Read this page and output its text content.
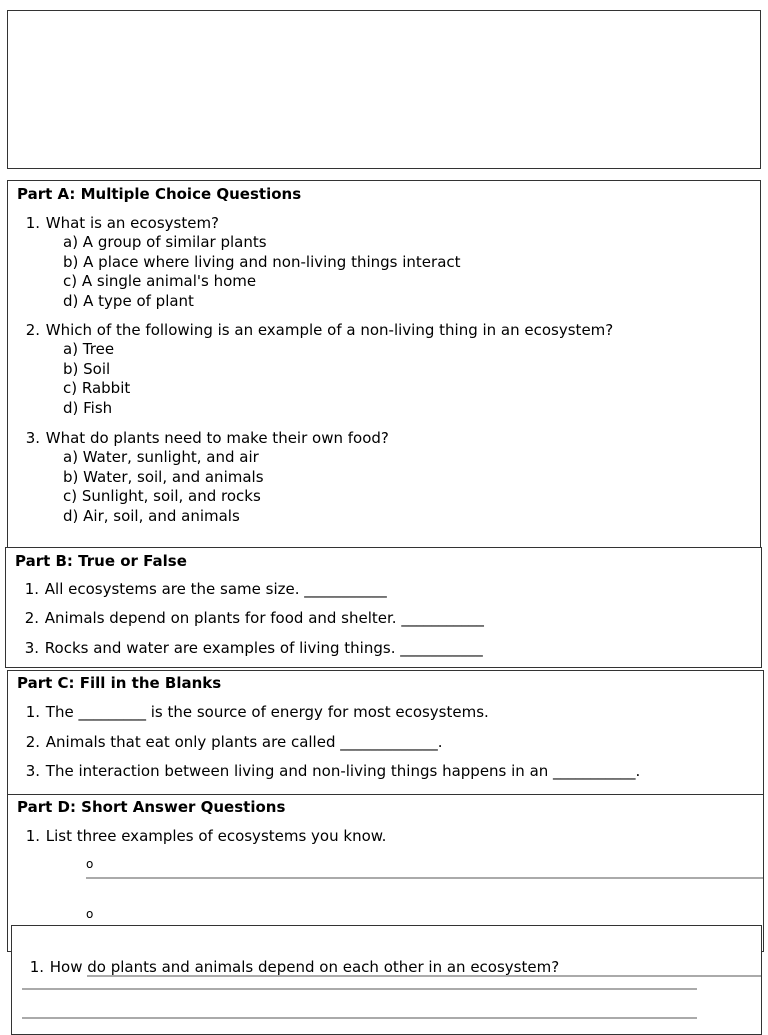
Part A: Multiple Choice Questions
1. What is an ecosystem?
a) A group of similar plants
b) A place where living and non-living things interact
c) A single animal's home
d) A type of plant
2. Which of the following is an example of a non-living thing in an ecosystem?
a) Tree
b) Soil
c) Rabbit
d) Fish
3. What do plants need to make their own food?
a) Water, sunlight, and air
b) Water, soil, and animals
c) Sunlight, soil, and rocks
d) Air, soil, and animals
Part B: True or False
1. All ecosystems are the same size. ___________
2. Animals depend on plants for food and shelter. ___________
3. Rocks and water are examples of living things. ___________
Part C: Fill in the Blanks
1. The _________ is the source of energy for most ecosystems.
2. Animals that eat only plants are called _____________.
3. The interaction between living and non-living things happens in an ___________.
Part D: Short Answer Questions
1. List three examples of ecosystems you know.
o
o
1. How do plants and animals depend on each other in an ecosystem?
